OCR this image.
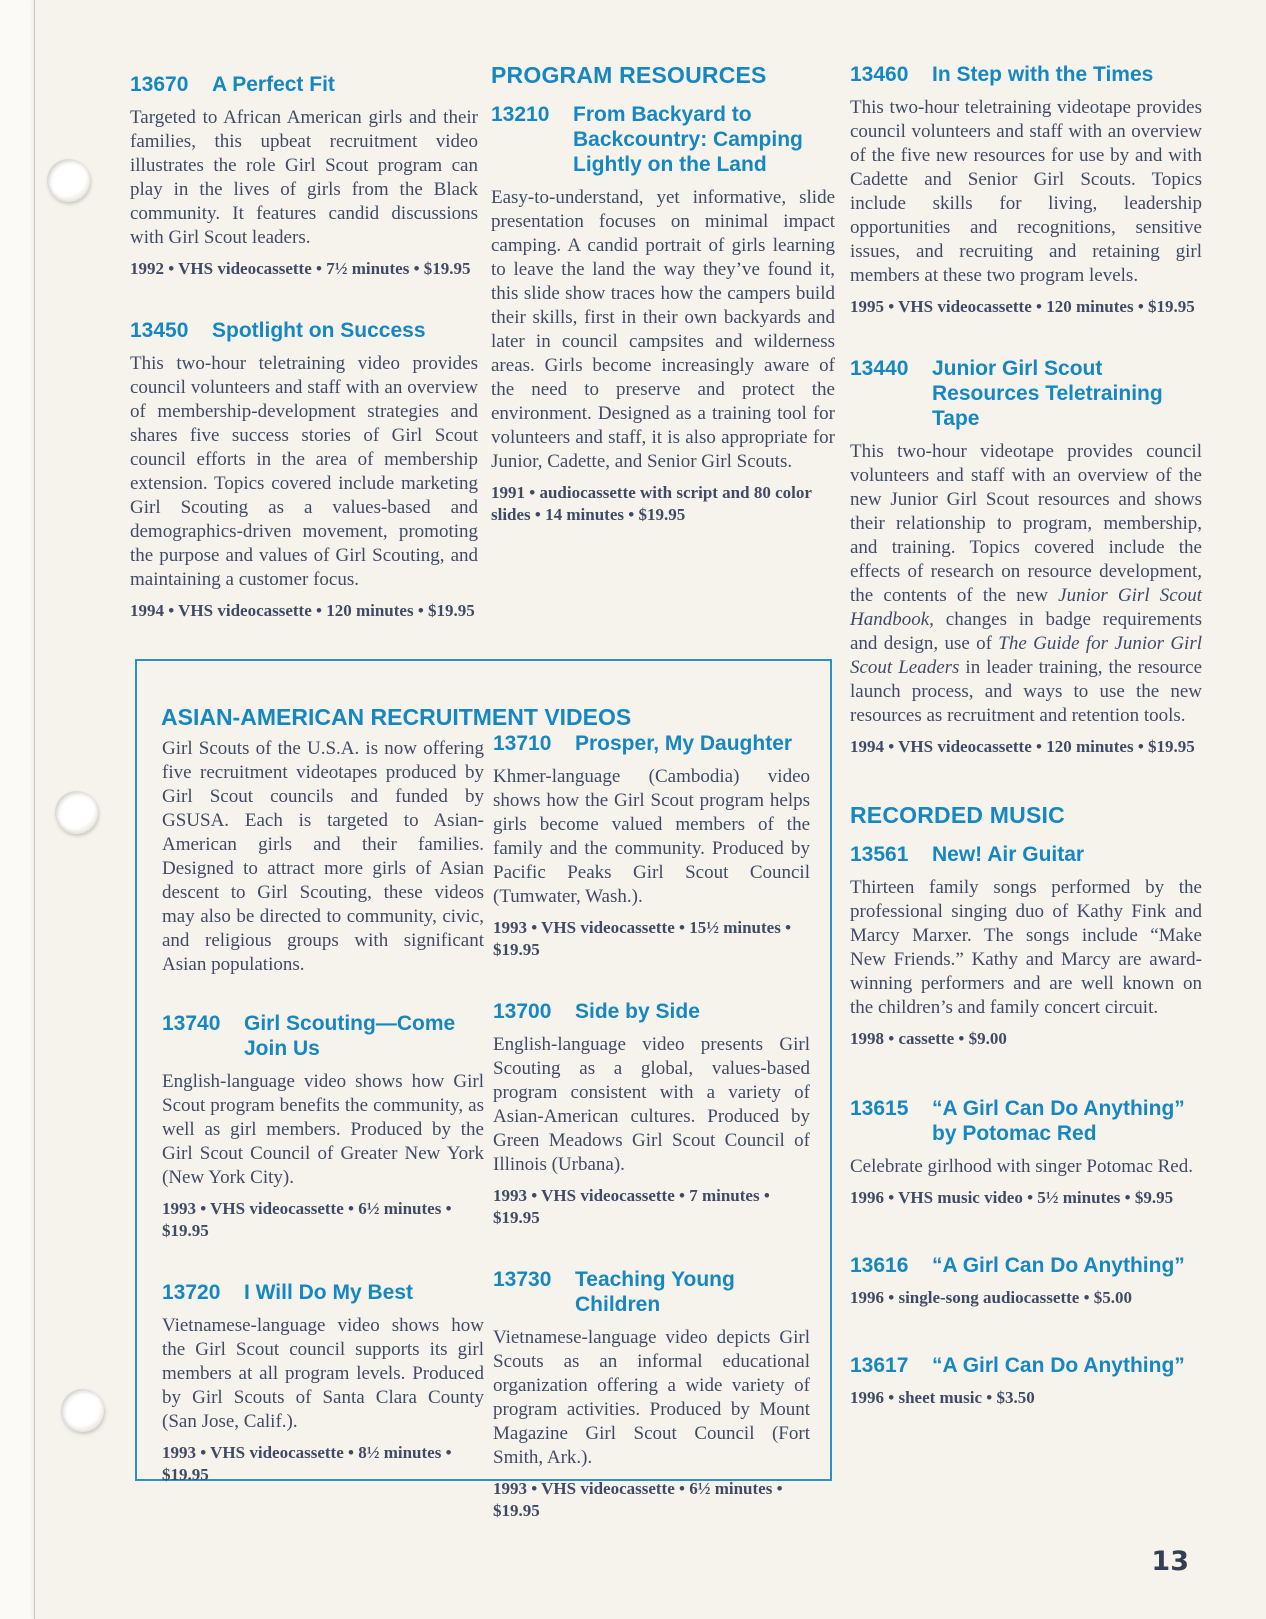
13670	A Perfect Fit

Targeted to African American girls and their families, this upbeat recruitment video illustrates the role Girl Scout program can play in the lives of girls from the Black community. It features candid discussions with Girl Scout leaders.

1992 • VHS videocassette • 7½ minutes • $19.95

13450	Spotlight on Success

This two-hour teletraining video provides council volunteers and staff with an overview of membership-development strategies and shares five success stories of Girl Scout council efforts in the area of membership extension. Topics covered include marketing Girl Scouting as a values-based and demographics-driven movement, promoting the purpose and values of Girl Scouting, and maintaining a customer focus.

1994 • VHS videocassette • 120 minutes • $19.95

PROGRAM RESOURCES
13210	From Backyard to Backcountry: Camping Lightly on the Land

Easy-to-understand, yet informative, slide presentation focuses on minimal impact camping. A candid portrait of girls learning to leave the land the way they’ve found it, this slide show traces how the campers build their skills, first in their own backyards and later in council campsites and wilderness areas. Girls become increasingly aware of the need to preserve and protect the environment. Designed as a training tool for volunteers and staff, it is also appropriate for Junior, Cadette, and Senior Girl Scouts.

1991 • audiocassette with script and 80 color slides • 14 minutes • $19.95

13460	In Step with the Times

This two-hour teletraining videotape provides council volunteers and staff with an overview of the five new resources for use by and with Cadette and Senior Girl Scouts. Topics include skills for living, leadership opportunities and recognitions, sensitive issues, and recruiting and retaining girl members at these two program levels.

1995 • VHS videocassette • 120 minutes • $19.95

13440	Junior Girl Scout Resources Teletraining Tape

This two-hour videotape provides council volunteers and staff with an overview of the new Junior Girl Scout resources and shows their relationship to program, membership, and training. Topics covered include the effects of research on resource development, the contents of the new Junior Girl Scout Handbook, changes in badge requirements and design, use of The Guide for Junior Girl Scout Leaders in leader training, the resource launch process, and ways to use the new resources as recruitment and retention tools.

1994 • VHS videocassette • 120 minutes • $19.95

RECORDED MUSIC
13561	New! Air Guitar

Thirteen family songs performed by the professional singing duo of Kathy Fink and Marcy Marxer. The songs include “Make New Friends.” Kathy and Marcy are award-winning performers and are well known on the children’s and family concert circuit.

1998 • cassette • $9.00

13615	“A Girl Can Do Anything” by Potomac Red

Celebrate girlhood with singer Potomac Red.

1996 • VHS music video • 5½ minutes • $9.95

13616	“A Girl Can Do Anything”

1996 • single-song audiocassette • $5.00

13617	“A Girl Can Do Anything”

1996 • sheet music • $3.50

ASIAN-AMERICAN RECRUITMENT VIDEOS

Girl Scouts of the U.S.A. is now offering five recruitment videotapes produced by Girl Scout councils and funded by GSUSA. Each is targeted to Asian-American girls and their families. Designed to attract more girls of Asian descent to Girl Scouting, these videos may also be directed to community, civic, and religious groups with significant Asian populations.

13740	Girl Scouting—Come Join Us

English-language video shows how Girl Scout program benefits the community, as well as girl members. Produced by the Girl Scout Council of Greater New York (New York City).

1993 • VHS videocassette • 6½ minutes • $19.95

13720	I Will Do My Best

Vietnamese-language video shows how the Girl Scout council supports its girl members at all program levels. Produced by Girl Scouts of Santa Clara County (San Jose, Calif.).

1993 • VHS videocassette • 8½ minutes • $19.95

13710	Prosper, My Daughter

Khmer-language (Cambodia) video shows how the Girl Scout program helps girls become valued members of the family and the community. Produced by Pacific Peaks Girl Scout Council (Tumwater, Wash.).

1993 • VHS videocassette • 15½ minutes • $19.95

13700	Side by Side

English-language video presents Girl Scouting as a global, values-based program consistent with a variety of Asian-American cultures. Produced by Green Meadows Girl Scout Council of Illinois (Urbana).

1993 • VHS videocassette • 7 minutes • $19.95

13730	Teaching Young Children

Vietnamese-language video depicts Girl Scouts as an informal educational organization offering a wide variety of program activities. Produced by Mount Magazine Girl Scout Council (Fort Smith, Ark.).

1993 • VHS videocassette • 6½ minutes • $19.95

13
